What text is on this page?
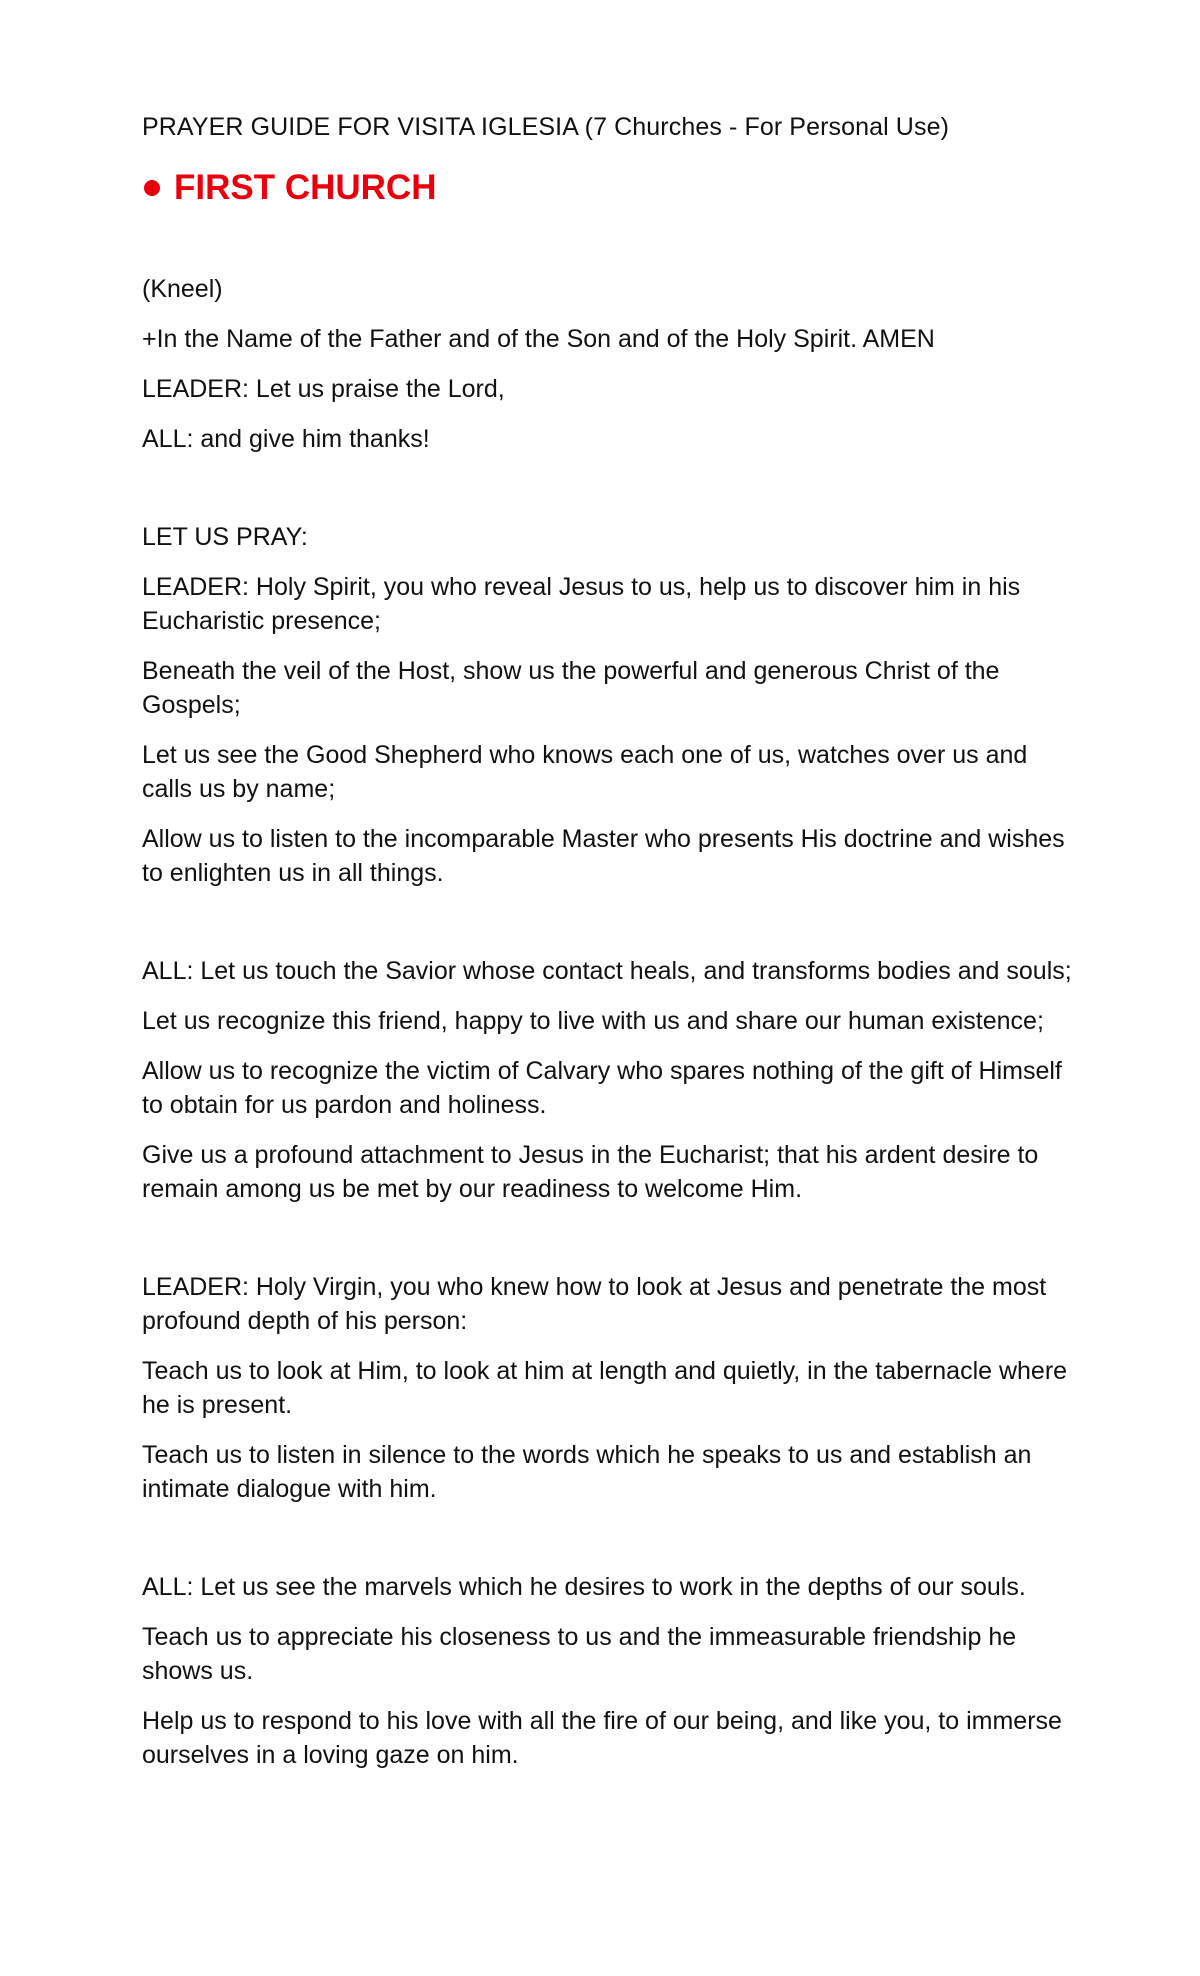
PRAYER GUIDE FOR VISITA IGLESIA (7 Churches - For Personal Use)

FIRST CHURCH

(Kneel)

+In the Name of the Father and of the Son and of the Holy Spirit. AMEN

LEADER: Let us praise the Lord,

ALL: and give him thanks!

LET US PRAY:

LEADER: Holy Spirit, you who reveal Jesus to us, help us to discover him in his Eucharistic presence;

Beneath the veil of the Host, show us the powerful and generous Christ of the Gospels;

Let us see the Good Shepherd who knows each one of us, watches over us and calls us by name;

Allow us to listen to the incomparable Master who presents His doctrine and wishes to enlighten us in all things.

ALL: Let us touch the Savior whose contact heals, and transforms bodies and souls;

Let us recognize this friend, happy to live with us and share our human existence;

Allow us to recognize the victim of Calvary who spares nothing of the gift of Himself to obtain for us pardon and holiness.

Give us a profound attachment to Jesus in the Eucharist; that his ardent desire to remain among us be met by our readiness to welcome Him.

LEADER: Holy Virgin, you who knew how to look at Jesus and penetrate the most profound depth of his person:

Teach us to look at Him, to look at him at length and quietly, in the tabernacle where he is present.

Teach us to listen in silence to the words which he speaks to us and establish an intimate dialogue with him.

ALL: Let us see the marvels which he desires to work in the depths of our souls.

Teach us to appreciate his closeness to us and the immeasurable friendship he shows us.

Help us to respond to his love with all the fire of our being, and like you, to immerse ourselves in a loving gaze on him.
